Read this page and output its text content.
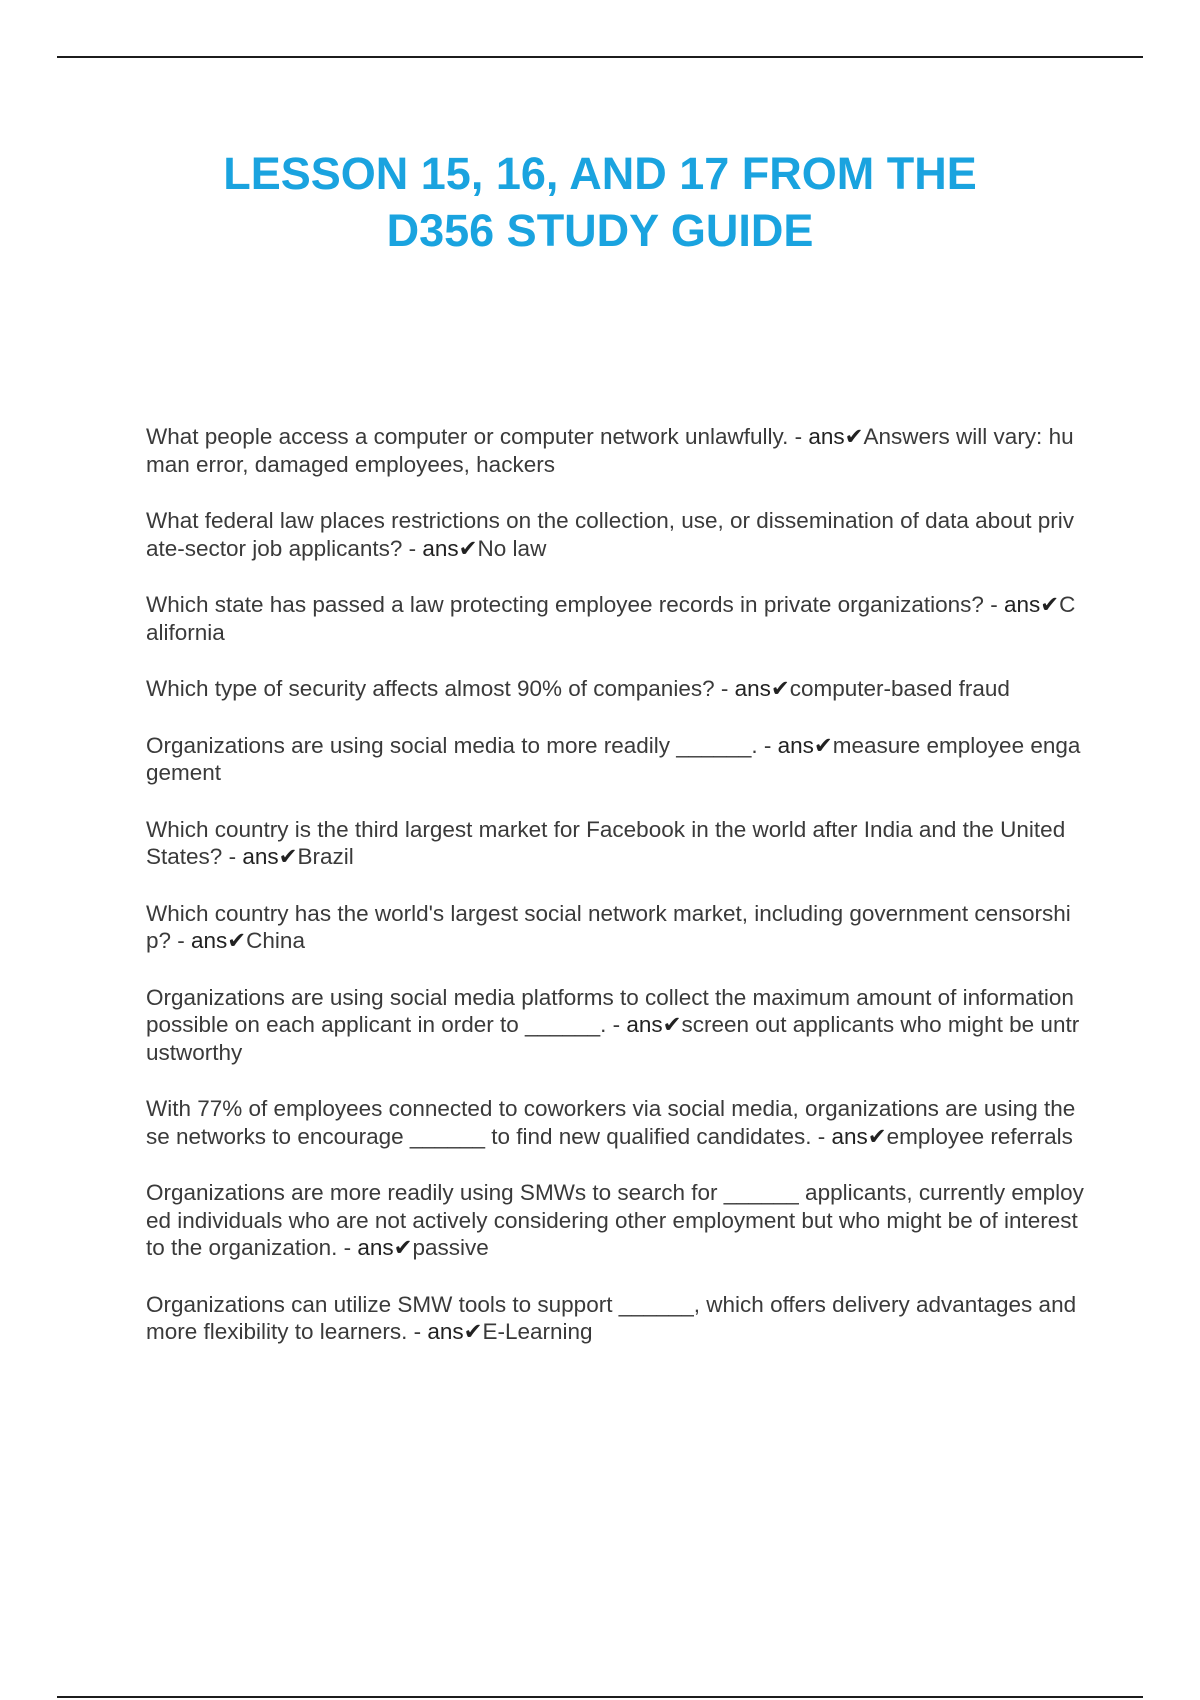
LESSON 15, 16, AND 17 FROM THE
D356 STUDY GUIDE

What people access a computer or computer network unlawfully. - ans✔Answers will vary: human error, damaged employees, hackers

What federal law places restrictions on the collection, use, or dissemination of data about private-sector job applicants? - ans✔No law

Which state has passed a law protecting employee records in private organizations? - ans✔California

Which type of security affects almost 90% of companies? - ans✔computer-based fraud

Organizations are using social media to more readily ______. - ans✔measure employee engagement

Which country is the third largest market for Facebook in the world after India and the United States? - ans✔Brazil

Which country has the world's largest social network market, including government censorship? - ans✔China

Organizations are using social media platforms to collect the maximum amount of information possible on each applicant in order to ______. - ans✔screen out applicants who might be untrustworthy

With 77% of employees connected to coworkers via social media, organizations are using these networks to encourage ______ to find new qualified candidates. - ans✔employee referrals

Organizations are more readily using SMWs to search for ______ applicants, currently employed individuals who are not actively considering other employment but who might be of interest to the organization. - ans✔passive

Organizations can utilize SMW tools to support ______, which offers delivery advantages and more flexibility to learners. - ans✔E-Learning
